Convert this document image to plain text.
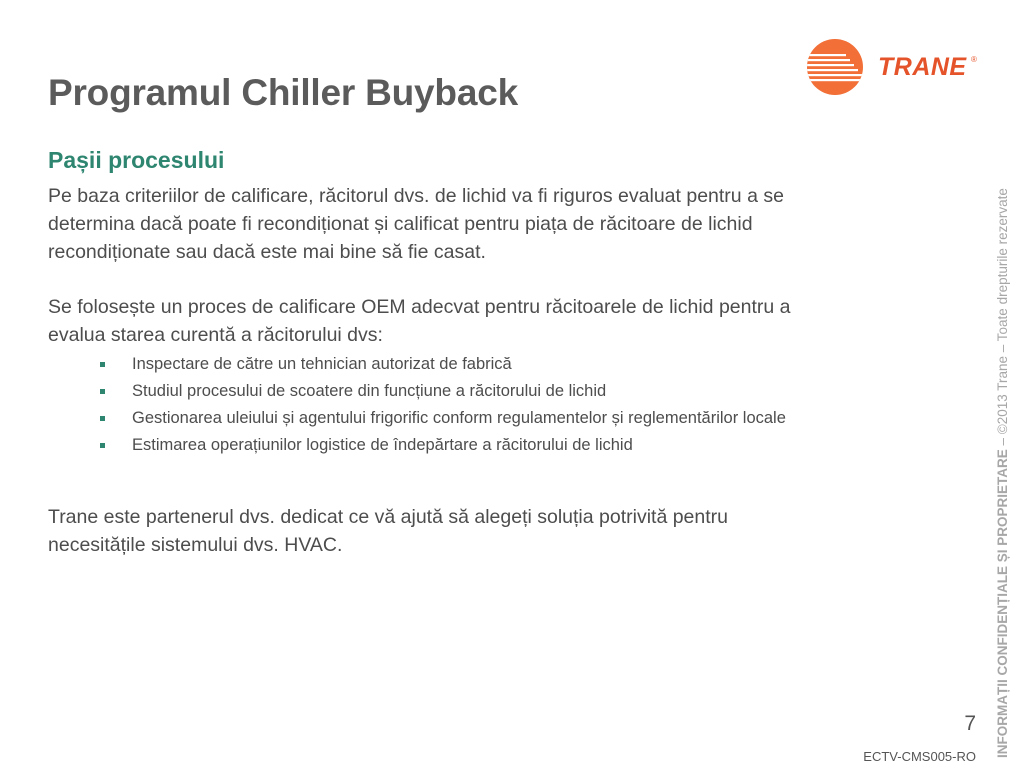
TRANE ®
Programul Chiller Buyback
Pașii procesului

Pe baza criteriilor de calificare, răcitorul dvs. de lichid va fi riguros evaluat pentru a se determina dacă poate fi recondiționat și calificat pentru piața de răcitoare de lichid recondiționate sau dacă este mai bine să fie casat.

Se folosește un proces de calificare OEM adecvat pentru răcitoarele de lichid pentru a evalua starea curentă a răcitorului dvs:

Inspectare de către un tehnician autorizat de fabrică
Studiul procesului de scoatere din funcțiune a răcitorului de lichid
Gestionarea uleiului și agentului frigorific conform regulamentelor și reglementărilor locale
Estimarea operațiunilor logistice de îndepărtare a răcitorului de lichid

Trane este partenerul dvs. dedicat ce vă ajută să alegeți soluția potrivită pentru necesitățile sistemului dvs. HVAC.	INFORMAȚII CONFIDENȚIALE ȘI PROPRIETARE – ©2013 Trane – Toate drepturile rezervate
7
ECTV-CMS005-RO
